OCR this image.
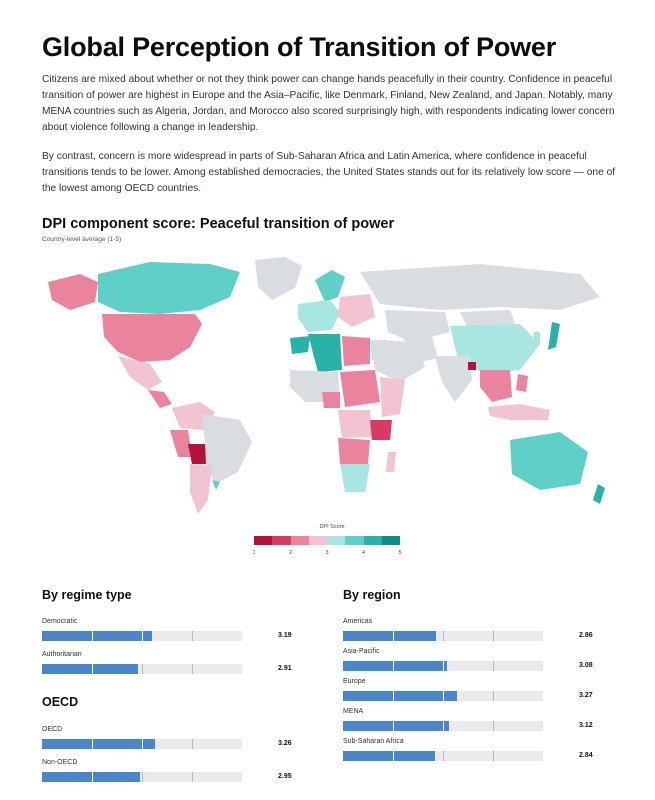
Global Perception of Transition of Power

Citizens are mixed about whether or not they think power can change hands peacefully in their country. Confidence in peaceful transition of power are highest in Europe and the Asia–Pacific, like Denmark, Finland, New Zealand, and Japan. Notably, many MENA countries such as Algeria, Jordan, and Morocco also scored surprisingly high, with respondents indicating lower concern about violence following a change in leadership.

By contrast, concern is more widespread in parts of Sub-Saharan Africa and Latin America, where confidence in peaceful transitions tends to be lower. Among established democracies, the United States stands out for its relatively low score — one of the lowest among OECD countries.

DPI component score: Peaceful transition of power
Country-level average (1-5)
DPI Score
1	2	3	4	5
By regime type
OECD
By region
Democratic
3.19
Authoritarian
2.91
OECD
3.26
Non-OECD
2.95
Americas
2.86
Asia-Pacific
3.08
Europe
3.27
MENA
3.12
Sub-Saharan Africa
2.84
